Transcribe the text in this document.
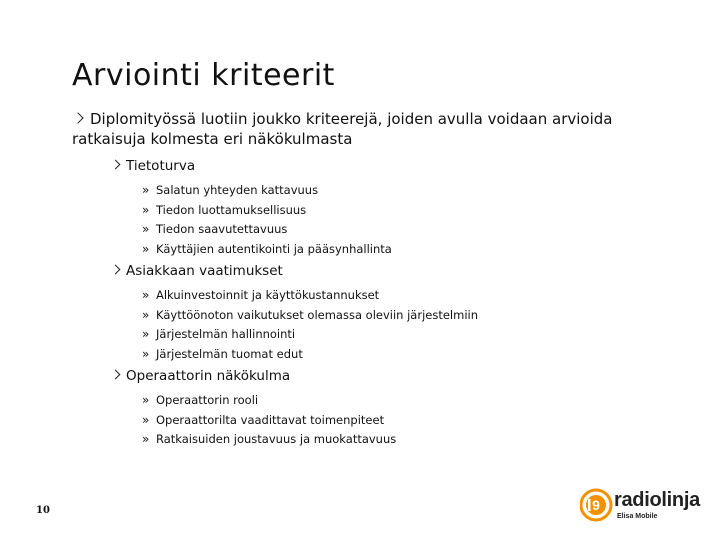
Arviointi kriteerit
Diplomityössä luotiin joukko kriteerejä, joiden avulla voidaan arvioida ratkaisuja kolmesta eri näkökulmasta
Tietoturva
» Salatun yhteyden kattavuus
» Tiedon luottamuksellisuus
» Tiedon saavutettavuus
» Käyttäjien autentikointi ja pääsynhallinta
Asiakkaan vaatimukset
» Alkuinvestoinnit ja käyttökustannukset
» Käyttöönoton vaikutukset olemassa oleviin järjestelmiin
» Järjestelmän hallinnointi
» Järjestelmän tuomat edut
Operaattorin näkökulma
» Operaattorin rooli
» Operaattorilta vaadittavat toimenpiteet
» Ratkaisuiden joustavuus ja muokattavuus
10	9 radiolinja
Elisa Mobile
